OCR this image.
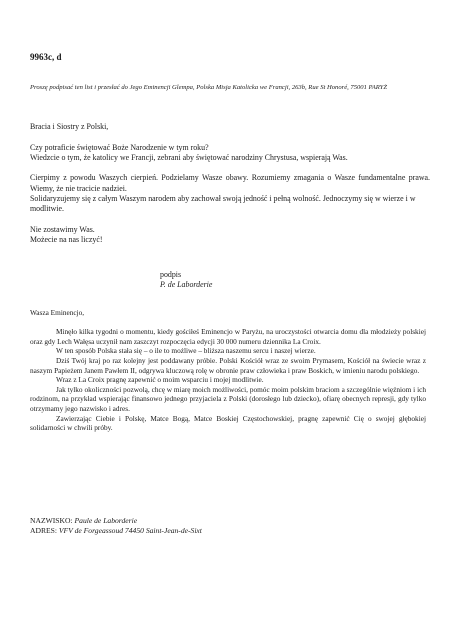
9963c, d

Proszę podpisać ten list i przesłać do Jego Eminencji Glempa, Polska Misja Katolicka we Francji, 263b, Rue St Honoré, 75001 PARYŻ

Bracia i Siostry z Polski,

Czy potraficie świętować Boże Narodzenie w tym roku?

Wiedzcie o tym, że katolicy we Francji, zebrani aby świętować narodziny Chrystusa, wspierają Was.

Cierpimy z powodu Waszych cierpień. Podzielamy Wasze obawy. Rozumiemy zmagania o Wasze fundamentalne prawa. Wiemy, że nie tracicie nadziei.

Solidaryzujemy się z całym Waszym narodem aby zachował swoją jedność i pełną wolność. Jednoczymy się w wierze i w modlitwie.

Nie zostawimy Was.

Możecie na nas liczyć!

podpis

P. de Laborderie

Wasza Eminencjo,

Minęło kilka tygodni o momentu, kiedy gościłeś Eminencjo w Paryżu, na uroczystości otwarcia domu dla młodzieży polskiej oraz gdy Lech Wałęsa uczynił nam zaszczyt rozpoczęcia edycji 30 000 numeru dziennika La Croix.

W ten sposób Polska stała się – o ile to możliwe – bliższa naszemu sercu i naszej wierze.

Dziś Twój kraj po raz kolejny jest poddawany próbie. Polski Kościół wraz ze swoim Prymasem, Kościół na świecie wraz z naszym Papieżem Janem Pawłem II, odgrywa kluczową rolę w obronie praw człowieka i praw Boskich, w imieniu narodu polskiego.

Wraz z La Croix pragnę zapewnić o moim wsparciu i mojej modlitwie.

Jak tylko okoliczności pozwolą, chcę w miarę moich możliwości, pomóc moim polskim braciom a szczególnie więźniom i ich rodzinom, na przykład wspierając finansowo jednego przyjaciela z Polski (dorosłego lub dziecko), ofiarę obecnych represji, gdy tylko otrzymamy jego nazwisko i adres.

Zawierzając Ciebie i Polskę, Matce Bogą, Matce Boskiej Częstochowskiej, pragnę zapewnić Cię o swojej głębokiej solidarności w chwili próby.

NAZWISKO: Paule de Laborderie

ADRES: VFV de Forgeassoud 74450 Saint-Jean-de-Sixt
